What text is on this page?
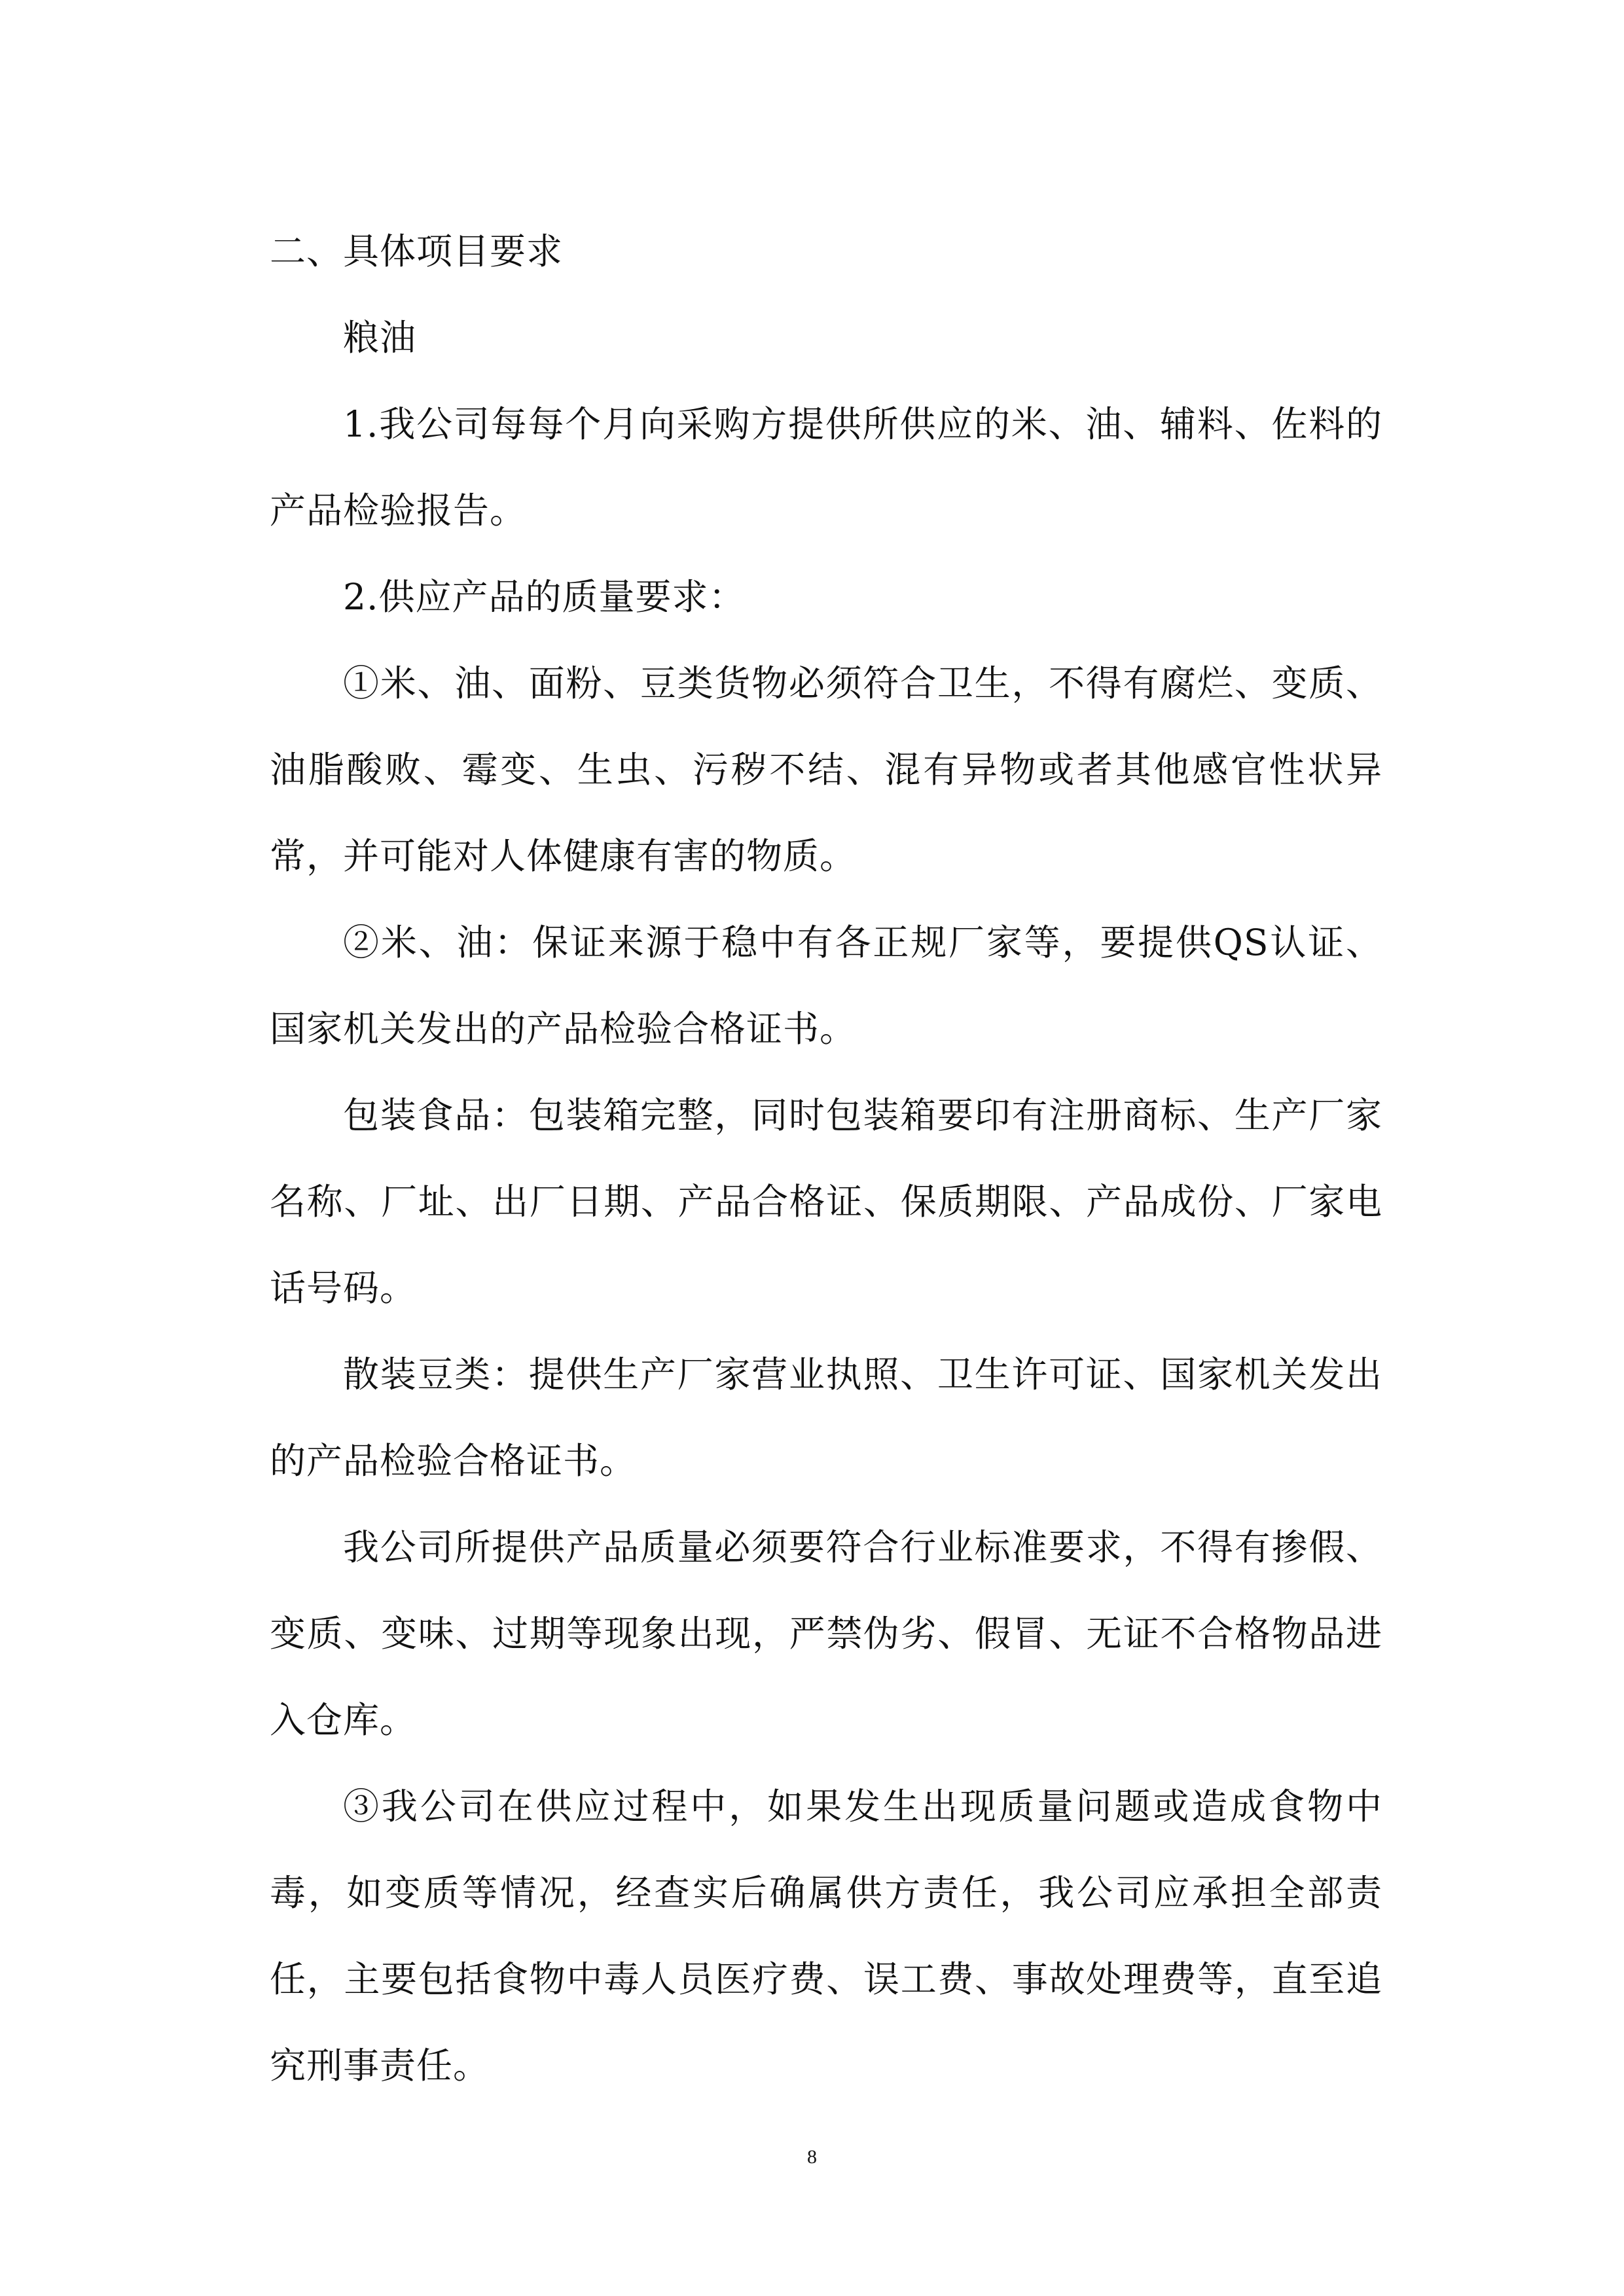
二、具体项目要求

粮油

1.我公司每每个月向采购方提供所供应的米、油、辅料、佐料的产品检验报告。

2.供应产品的质量要求：

①米、油、面粉、豆类货物必须符合卫生，不得有腐烂、变质、油脂酸败、霉变、生虫、污秽不结、混有异物或者其他感官性状异常，并可能对人体健康有害的物质。

②米、油：保证来源于稳中有各正规厂家等，要提供QS认证、国家机关发出的产品检验合格证书。

包装食品：包装箱完整，同时包装箱要印有注册商标、生产厂家名称、厂址、出厂日期、产品合格证、保质期限、产品成份、厂家电话号码。

散装豆类：提供生产厂家营业执照、卫生许可证、国家机关发出的产品检验合格证书。

我公司所提供产品质量必须要符合行业标准要求，不得有掺假、变质、变味、过期等现象出现，严禁伪劣、假冒、无证不合格物品进入仓库。

③我公司在供应过程中，如果发生出现质量问题或造成食物中毒，如变质等情况，经查实后确属供方责任，我公司应承担全部责任，主要包括食物中毒人员医疗费、误工费、事故处理费等，直至追究刑事责任。

8
